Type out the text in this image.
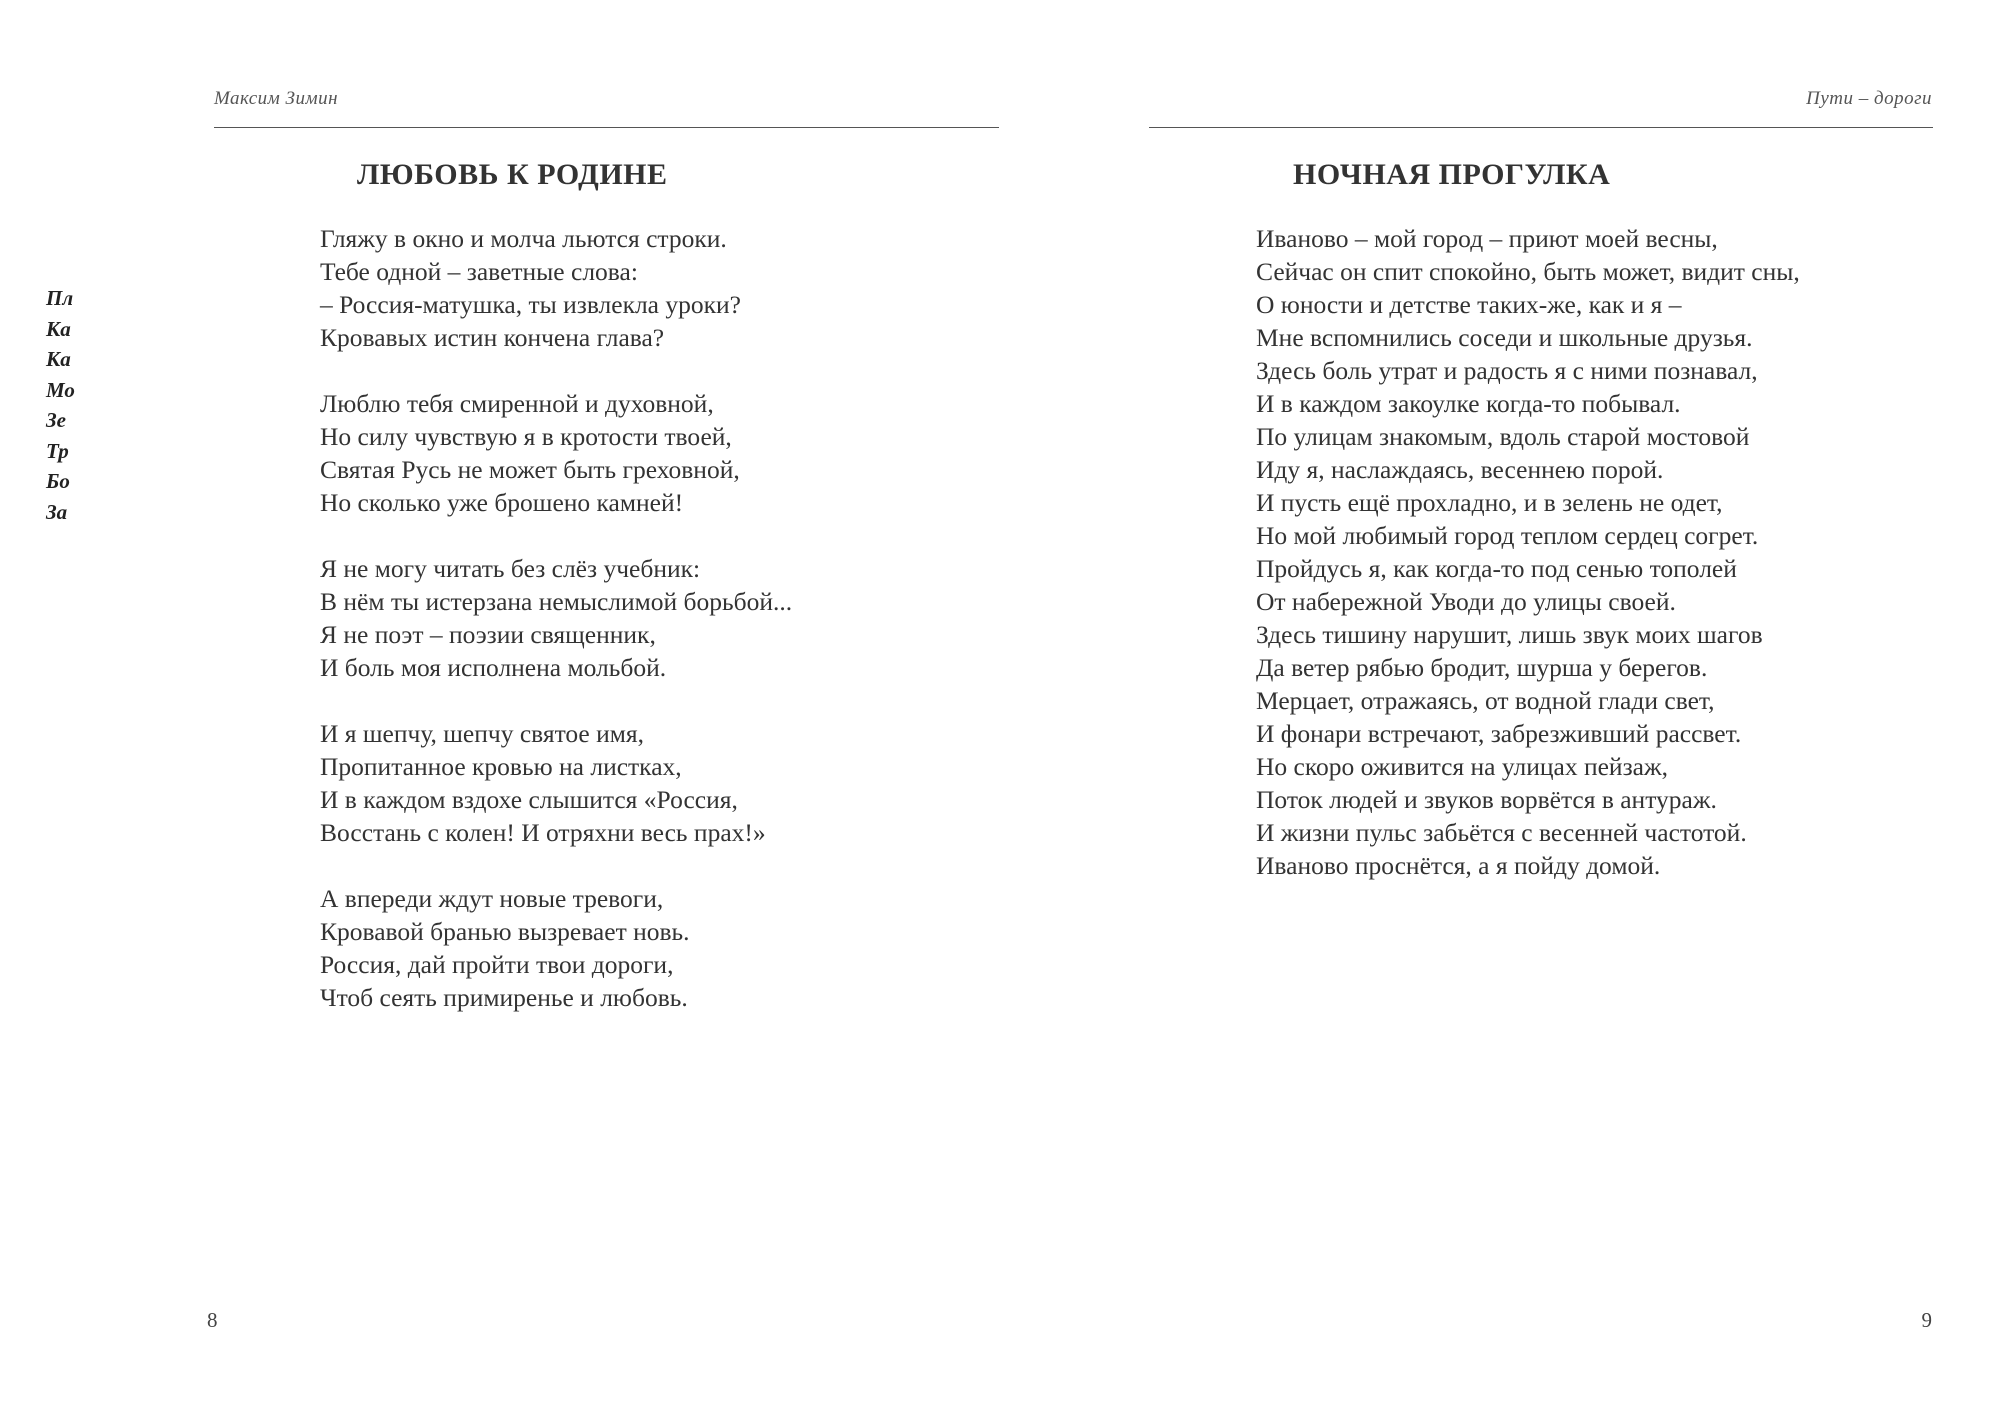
Пл
Ка
Ка
Мо
Зе
Тр
Бо
За
Максим Зимин
ЛЮБОВЬ К РОДИНЕ
Гляжу в окно и молча льются строки.
Тебе одной – заветные слова:
– Россия-матушка, ты извлекла уроки?
Кровавых истин кончена глава?
Люблю тебя смиренной и духовной,
Но силу чувствую я в кротости твоей,
Святая Русь не может быть греховной,
Но сколько уже брошено камней!
Я не могу читать без слёз учебник:
В нём ты истерзана немыслимой борьбой...
Я не поэт – поэзии священник,
И боль моя исполнена мольбой.
И я шепчу, шепчу святое имя,
Пропитанное кровью на листках,
И в каждом вздохе слышится «Россия,
Восстань с колен! И отряхни весь прах!»
А впереди ждут новые тревоги,
Кровавой бранью вызревает новь.
Россия, дай пройти твои дороги,
Чтоб сеять примиренье и любовь.
8
Пути – дороги
НОЧНАЯ ПРОГУЛКА
Иваново – мой город – приют моей весны,
Сейчас он спит спокойно, быть может, видит сны,
О юности и детстве таких-же, как и я –
Мне вспомнились соседи и школьные друзья.
Здесь боль утрат и радость я с ними познавал,
И в каждом закоулке когда-то побывал.
По улицам знакомым, вдоль старой мостовой
Иду я, наслаждаясь, весеннею порой.
И пусть ещё прохладно, и в зелень не одет,
Но мой любимый город теплом сердец согрет.
Пройдусь я, как когда-то под сенью тополей
От набережной Уводи до улицы своей.
Здесь тишину нарушит, лишь звук моих шагов
Да ветер рябью бродит, шурша у берегов.
Мерцает, отражаясь, от водной глади свет,
И фонари встречают, забрезживший рассвет.
Но скоро оживится на улицах пейзаж,
Поток людей и звуков ворвётся в антураж.
И жизни пульс забьётся с весенней частотой.
Иваново проснётся, а я пойду домой.
9
